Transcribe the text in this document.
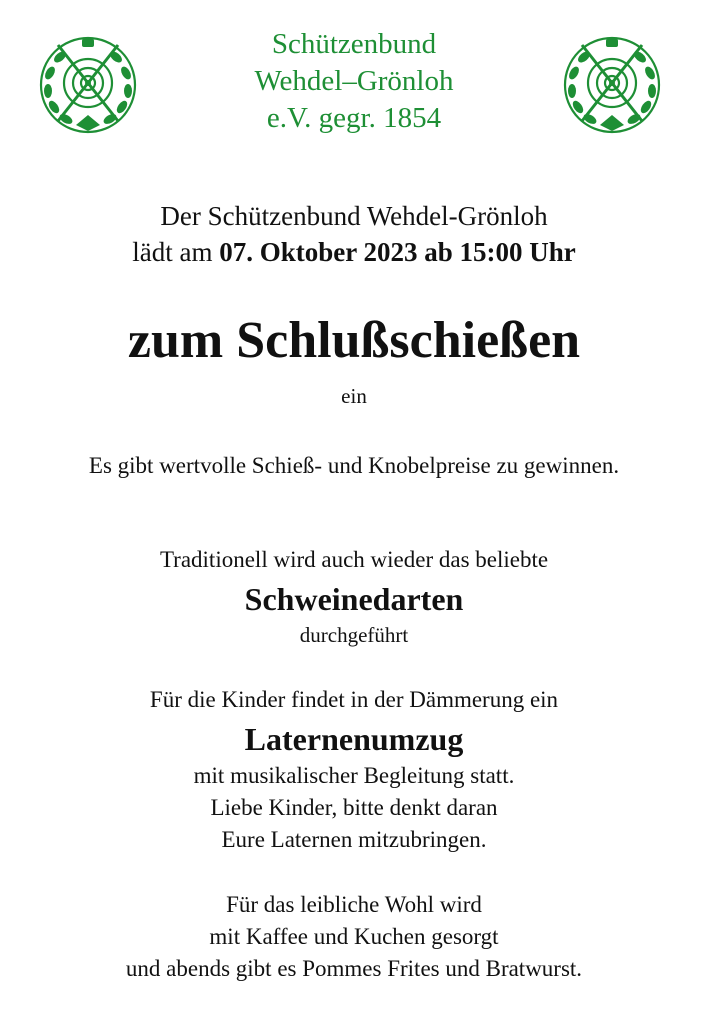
Schützenbund
Wehdel–Grönloh
e.V. gegr. 1854
Der Schützenbund Wehdel-Grönloh
lädt am 07. Oktober 2023 ab 15:00 Uhr
zum Schlußschießen
ein
Es gibt wertvolle Schieß- und Knobelpreise zu gewinnen.
Traditionell wird auch wieder das beliebte
Schweinedarten
durchgeführt
Für die Kinder findet in der Dämmerung ein
Laternenumzug
mit musikalischer Begleitung statt.
Liebe Kinder, bitte denkt daran
Eure Laternen mitzubringen.
Für das leibliche Wohl wird
mit Kaffee und Kuchen gesorgt
und abends gibt es Pommes Frites und Bratwurst.
